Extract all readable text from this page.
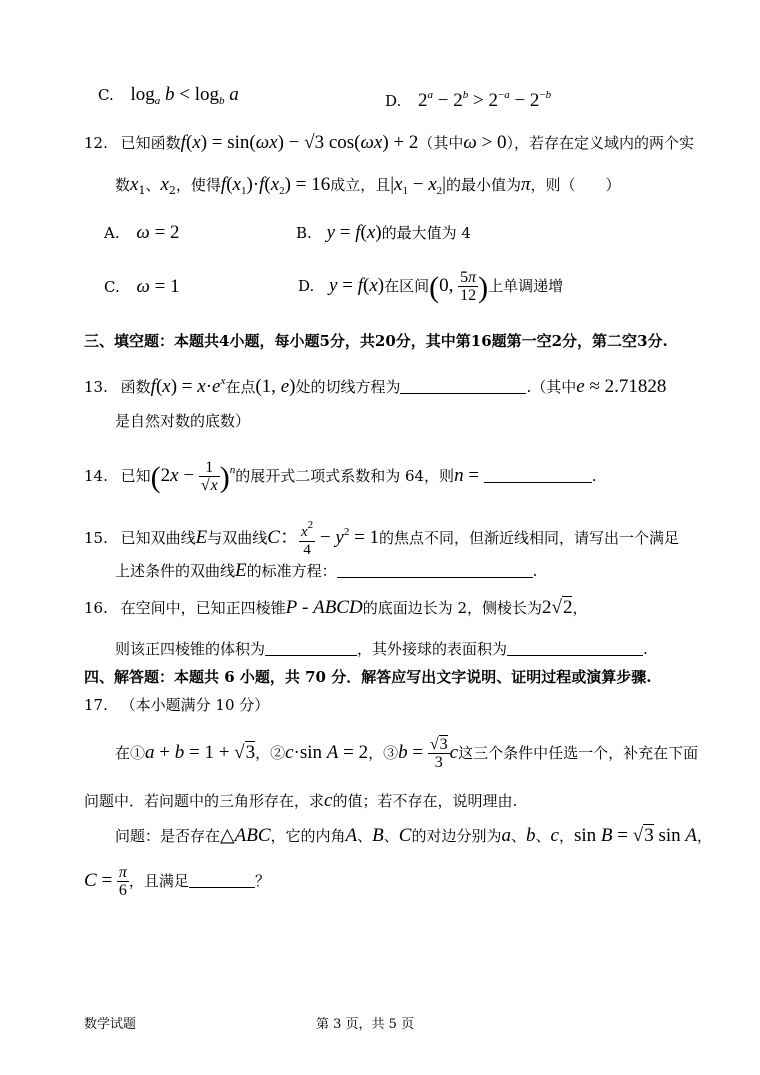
C. $\log_a b < \log_b a$	D. $2^a - 2^b > 2^{-a} - 2^{-b}$
12. 已知函数f(x) = sin(ωx) − √3 cos(ωx) + 2（其中ω > 0），若存在定义域内的两个实
数$x_1$、$x_2$，使得$f(x_1)\cdot f(x_2) = 16$成立，且$|x_1 - x_2|$的最小值为π，则（　　）
A. ω = 2	B. y = f(x)的最大值为 4
C. ω = 1	D. y = f(x)在区间(0, $\frac{5\pi}{12}$ )上单调递增
三、填空题：本题共4小题，每小题5分，共20分，其中第16题第一空2分，第二空3分.
13. 函数$f(x) = x\cdot e^x$在点(1, e)处的切线方程为	.（其中e ≈ 2.71828
是自然对数的底数）
14. 已知$(2x - \frac{1}{√x} )^n$的展开式二项式系数和为 64，则n =	.
15. 已知双曲线E与双曲线C： $\frac{x^2}{4} - y^2 = 1$的焦点不同，但渐近线相同，请写出一个满足
上述条件的双曲线E的标准方程：	.
16. 在空间中，已知正四棱锥P - ABCD的底面边长为 2，侧棱长为2√2，
则该正四棱锥的体积为	，其外接球的表面积为	.
四、解答题：本题共 6 小题，共 70 分．解答应写出文字说明、证明过程或演算步骤.
17. （本小题满分 10 分）
在①a + b = 1 + √3，②c·sin A = 2，③b = $\frac{√3}{3}$ c这三个条件中任选一个，补充在下面
问题中．若问题中的三角形存在，求c的值；若不存在，说明理由.
问题：是否存在△ABC，它的内角A、B、C的对边分别为a、b、c，sin B = √3 sin A，
$C = \frac{\pi}{6}$ ，且满足	？
数学试题	第 3 页，共 5 页
